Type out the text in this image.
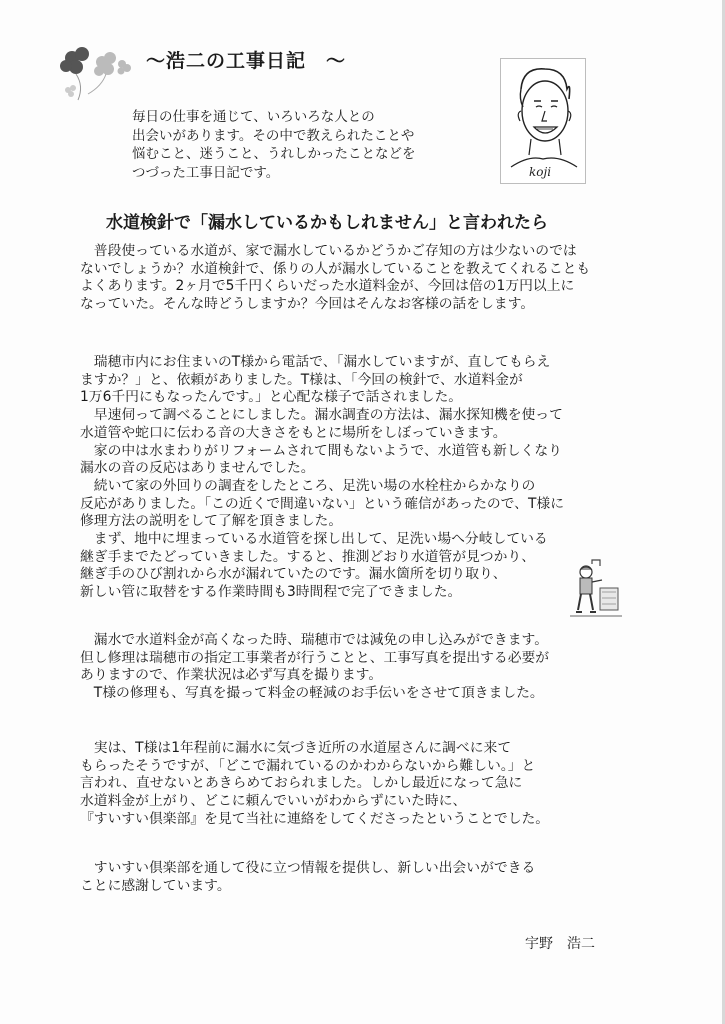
～浩二の工事日記　～
毎日の仕事を通じて、いろいろな人との
出会いがあります。その中で教えられたことや
悩むこと、迷うこと、うれしかったことなどを
つづった工事日記です。	koji
水道検針で「漏水しているかもしれません」と言われたら
　普段使っている水道が、家で漏水しているかどうかご存知の方は少ないのでは
ないでしょうか？水道検針で、係りの人が漏水していることを教えてくれることも
よくあります。2ヶ月で5千円くらいだった水道料金が、今回は倍の1万円以上に
なっていた。そんな時どうしますか？今回はそんなお客様の話をします。
　瑞穂市内にお住まいのT様から電話で、「漏水していますが、直してもらえ
ますか？」と、依頼がありました。T様は、「今回の検針で、水道料金が
1万6千円にもなったんです。」と心配な様子で話されました。
　早速伺って調べることにしました。漏水調査の方法は、漏水探知機を使って
水道管や蛇口に伝わる音の大きさをもとに場所をしぼっていきます。
　家の中は水まわりがリフォームされて間もないようで、水道管も新しくなり
漏水の音の反応はありませんでした。
　続いて家の外回りの調査をしたところ、足洗い場の水栓柱からかなりの
反応がありました。「この近くで間違いない」という確信があったので、T様に
修理方法の説明をして了解を頂きました。
　まず、地中に埋まっている水道管を探し出して、足洗い場へ分岐している
継ぎ手までたどっていきました。すると、推測どおり水道管が見つかり、
継ぎ手のひび割れから水が漏れていたのです。漏水箇所を切り取り、
新しい管に取替をする作業時間も3時間程で完了できました。
　漏水で水道料金が高くなった時、瑞穂市では減免の申し込みができます。
但し修理は瑞穂市の指定工事業者が行うことと、工事写真を提出する必要が
ありますので、作業状況は必ず写真を撮ります。
　T様の修理も、写真を撮って料金の軽減のお手伝いをさせて頂きました。
　実は、T様は1年程前に漏水に気づき近所の水道屋さんに調べに来て
もらったそうですが、「どこで漏れているのかわからないから難しい。」と
言われ、直せないとあきらめておられました。しかし最近になって急に
水道料金が上がり、どこに頼んでいいがわからずにいた時に、
『すいすい倶楽部』を見て当社に連絡をしてくださったということでした。
　すいすい倶楽部を通して役に立つ情報を提供し、新しい出会いができる
ことに感謝しています。
宇野　浩二
